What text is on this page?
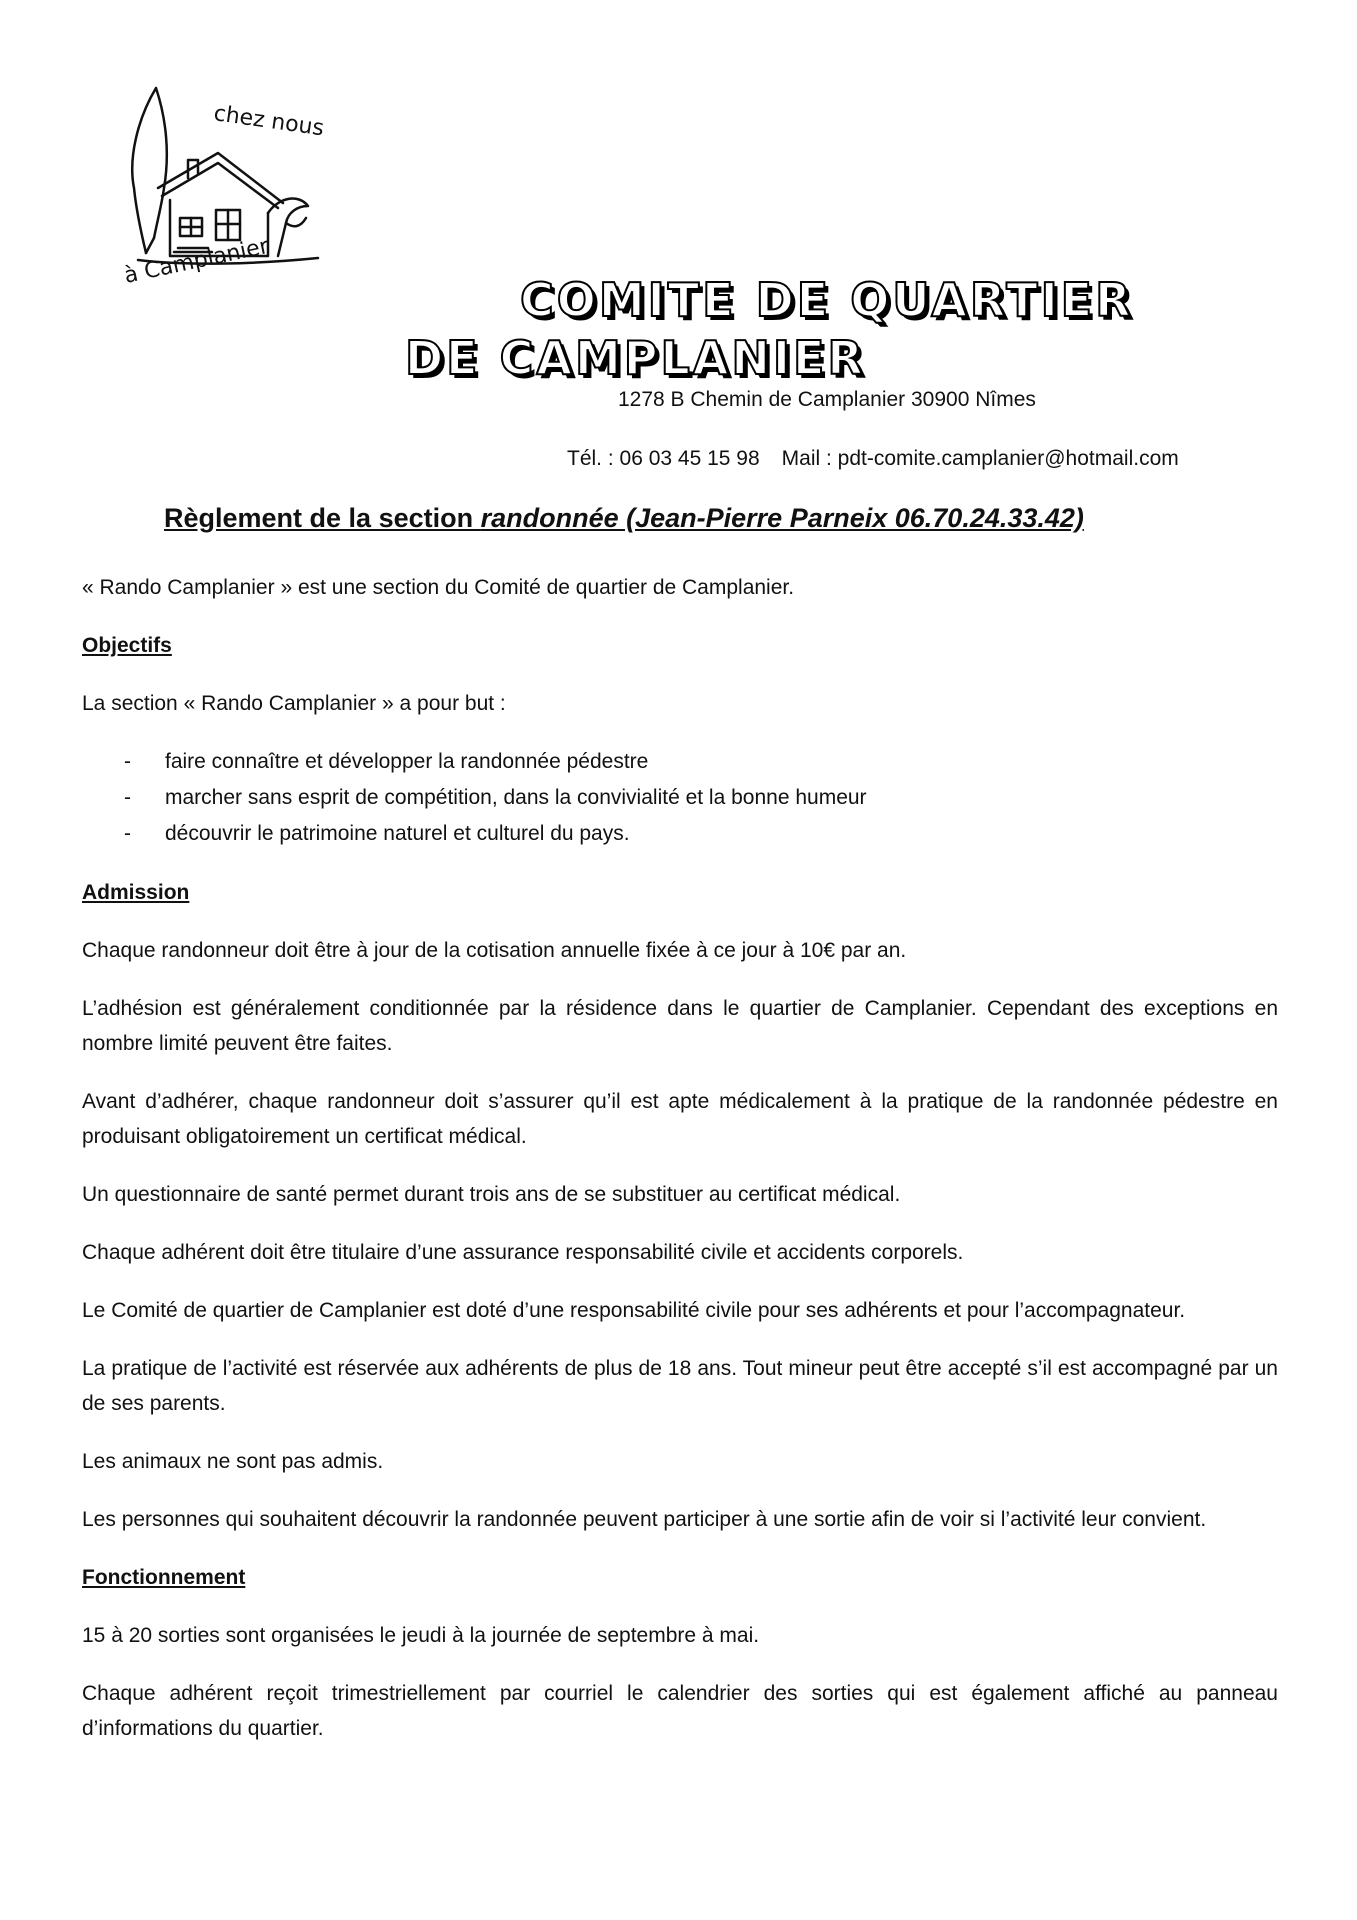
chez nous
à Camplanier
COMITE DE QUARTIER
DE CAMPLANIER

1278 B Chemin de Camplanier 30900 Nîmes

Tél. : 06 03 45 15 98 Mail : pdt-comite.camplanier@hotmail.com

Règlement de la section randonnée (Jean-Pierre Parneix 06.70.24.33.42)

« Rando Camplanier » est une section du Comité de quartier de Camplanier.

Objectifs

La section « Rando Camplanier » a pour but :

- faire connaître et développer la randonnée pédestre
- marcher sans esprit de compétition, dans la convivialité et la bonne humeur
- découvrir le patrimoine naturel et culturel du pays.
Admission

Chaque randonneur doit être à jour de la cotisation annuelle fixée à ce jour à 10€ par an.

L’adhésion est généralement conditionnée par la résidence dans le quartier de Camplanier. Cependant des exceptions en nombre limité peuvent être faites.

Avant d’adhérer, chaque randonneur doit s’assurer qu’il est apte médicalement à la pratique de la randonnée pédestre en produisant obligatoirement un certificat médical.

Un questionnaire de santé permet durant trois ans de se substituer au certificat médical.

Chaque adhérent doit être titulaire d’une assurance responsabilité civile et accidents corporels.

Le Comité de quartier de Camplanier est doté d’une responsabilité civile pour ses adhérents et pour l’accompagnateur.

La pratique de l’activité est réservée aux adhérents de plus de 18 ans. Tout mineur peut être accepté s’il est accompagné par un de ses parents.

Les animaux ne sont pas admis.

Les personnes qui souhaitent découvrir la randonnée peuvent participer à une sortie afin de voir si l’activité leur convient.

Fonctionnement

15 à 20 sorties sont organisées le jeudi à la journée de septembre à mai.

Chaque adhérent reçoit trimestriellement par courriel le calendrier des sorties qui est également affiché au panneau d’informations du quartier.
